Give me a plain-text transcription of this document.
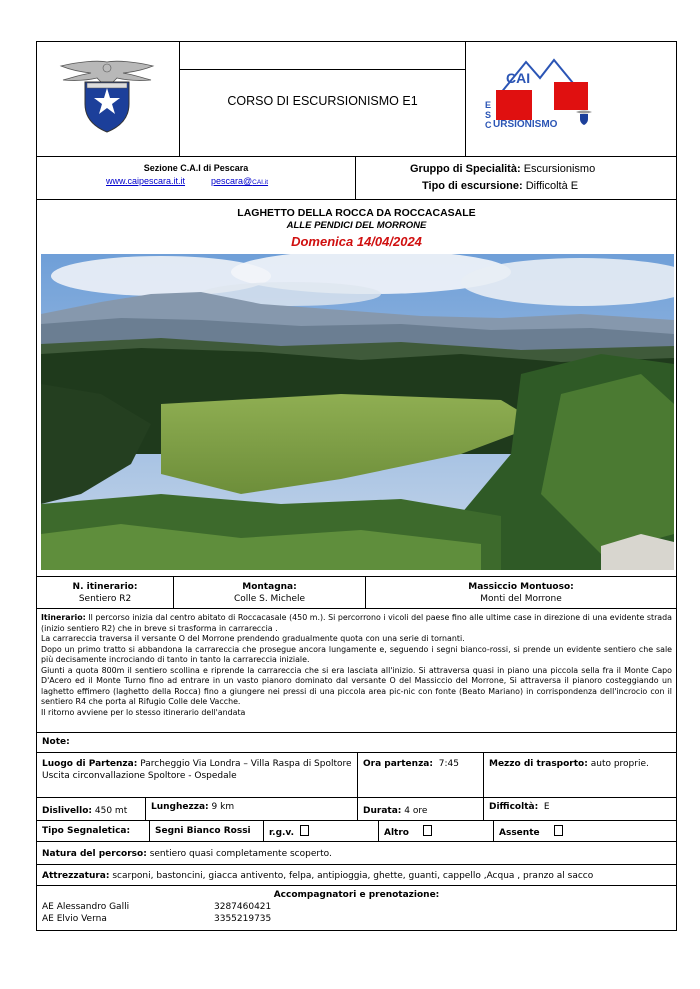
CORSO DI ESCURSIONISMO E1
CAI
E
S
C URSIONISMO
Sezione C.A.I di Pescara
www.caipescara.it.it	pescara@CAI.it
Gruppo di Specialità: Escursionismo
Tipo di escursione: Difficoltà E
LAGHETTO DELLA ROCCA DA ROCCACASALE
ALLE PENDICI DEL MORRONE
Domenica 14/04/2024
N. itinerario:
Sentiero R2
Montagna:
Colle S. Michele
Massiccio Montuoso:
Monti del Morrone
Itinerario: Il percorso inizia dal centro abitato di Roccacasale (450 m.). Si percorrono i vicoli del paese fino alle ultime case in direzione di una evidente strada (inizio sentiero R2) che in breve si trasforma in carrareccia .
La carrareccia traversa il versante O del Morrone prendendo gradualmente quota con una serie di tornanti.
Dopo un primo tratto si abbandona la carrareccia che prosegue ancora lungamente e, seguendo i segni bianco-rossi, si prende un evidente sentiero che sale più decisamente incrociando di tanto in tanto la carrareccia iniziale.
Giunti a quota 800m il sentiero scollina e riprende la carrareccia che si era lasciata all'inizio. Si attraversa quasi in piano una piccola sella fra il Monte Capo D'Acero ed il Monte Turno fino ad entrare in un vasto pianoro dominato dal versante O del Massiccio del Morrone, Si attraversa il pianoro costeggiando un laghetto effimero (laghetto della Rocca) fino a giungere nei pressi di una piccola area pic-nic con fonte (Beato Mariano) in corrispondenza dell'incrocio con il sentiero R4 che porta al Rifugio Colle dele Vacche.
Il ritorno avviene per lo stesso itinerario dell'andata
Note:
Luogo di Partenza: Parcheggio Via Londra – Villa Raspa di Spoltore
Uscita circonvallazione Spoltore - Ospedale
Ora partenza: 7:45	Mezzo di trasporto: auto proprie.
Dislivello: 450 mt	Lunghezza: 9 km	Durata: 4 ore	Difficoltà: E
Tipo Segnaletica:	Segni Bianco Rossi	r.g.v.	Altro	Assente
Natura del percorso: sentiero quasi completamente scoperto.
Attrezzatura: scarponi, bastoncini, giacca antivento, felpa, antipioggia, ghette, guanti, cappello ,Acqua , pranzo al sacco
Accompagnatori e prenotazione:
AE Alessandro Galli	3287460421
AE Elvio Verna	3355219735
